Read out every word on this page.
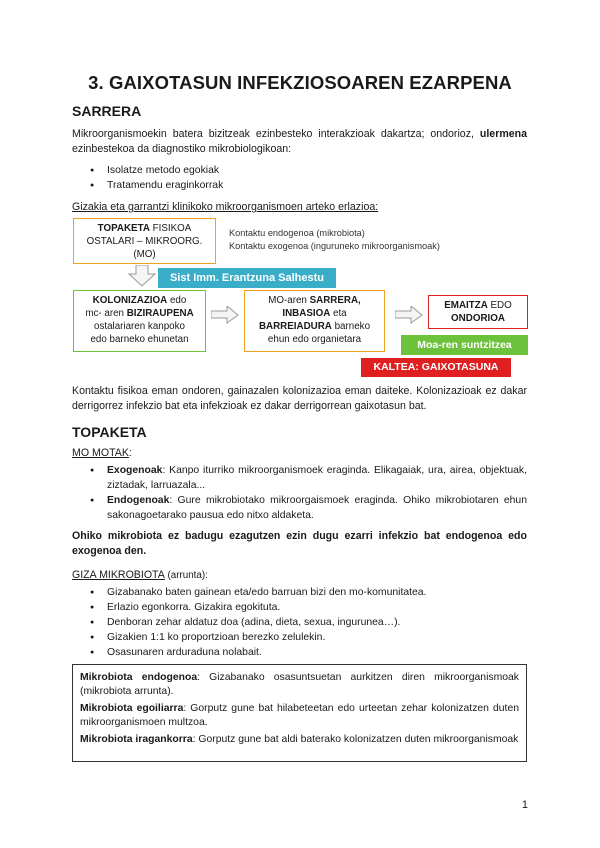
3. GAIXOTASUN INFEKZIOSOAREN EZARPENA
SARRERA
Mikroorganismoekin batera bizitzeak ezinbesteko interakzioak dakartza; ondorioz, ulermena ezinbestekoa da diagnostiko mikrobiologikoan:
● Isolatze metodo egokiak
● Tratamendu eraginkorrak
Gizakia eta garrantzi klinikoko mikroorganismoen arteko erlazioa:
TOPAKETA FISIKOA
OSTALARI – MIKROORG.
(MO)
Kontaktu endogenoa (mikrobiota)
Kontaktu exogenoa (inguruneko mikroorganismoak)
Sist Imm. Erantzuna Salhestu
KOLONIZAZIOA edo
mc- aren BIZIRAUPENA
ostalariaren kanpoko
edo barneko ehunetan
MO-aren SARRERA,
INBASIOA eta
BARREIADURA barneko
ehun edo organietara
EMAITZA EDO
ONDORIOA
Moa-ren suntzitzea
KALTEA: GAIXOTASUNA
Kontaktu fisikoa eman ondoren, gainazalen kolonizazioa eman daiteke. Kolonizazioak ez dakar derrigorrez infekzio bat eta infekzioak ez dakar derrigorrean gaixotasun bat.
TOPAKETA
MO MOTAK:
● Exogenoak: Kanpo iturriko mikroorganismoek eraginda. Elikagaiak, ura, airea, objektuak, ziztadak, larruazala...
● Endogenoak: Gure mikrobiotako mikroorgaismoek eraginda. Ohiko mikrobiotaren ehun sakonagoetarako pausua edo nitxo aldaketa.
Ohiko mikrobiota ez badugu ezagutzen ezin dugu ezarri infekzio bat endogenoa edo exogenoa den.
GIZA MIKROBIOTA (arrunta):
● Gizabanako baten gainean eta/edo barruan bizi den mo-komunitatea.
● Erlazio egonkorra. Gizakira egokituta.
● Denboran zehar aldatuz doa (adina, dieta, sexua, ingurunea…).
● Gizakien 1:1 ko proportzioan berezko zelulekin.
● Osasunaren arduraduna nolabait.
Mikrobiota endogenoa: Gizabanako osasuntsuetan aurkitzen diren mikroorganismoak (mikrobiota arrunta).
Mikrobiota egoiliarra: Gorputz gune bat hilabeteetan edo urteetan zehar kolonizatzen duten mikroorganismoen multzoa.
Mikrobiota iragankorra: Gorputz gune bat aldi baterako kolonizatzen duten mikroorganismoak
1
